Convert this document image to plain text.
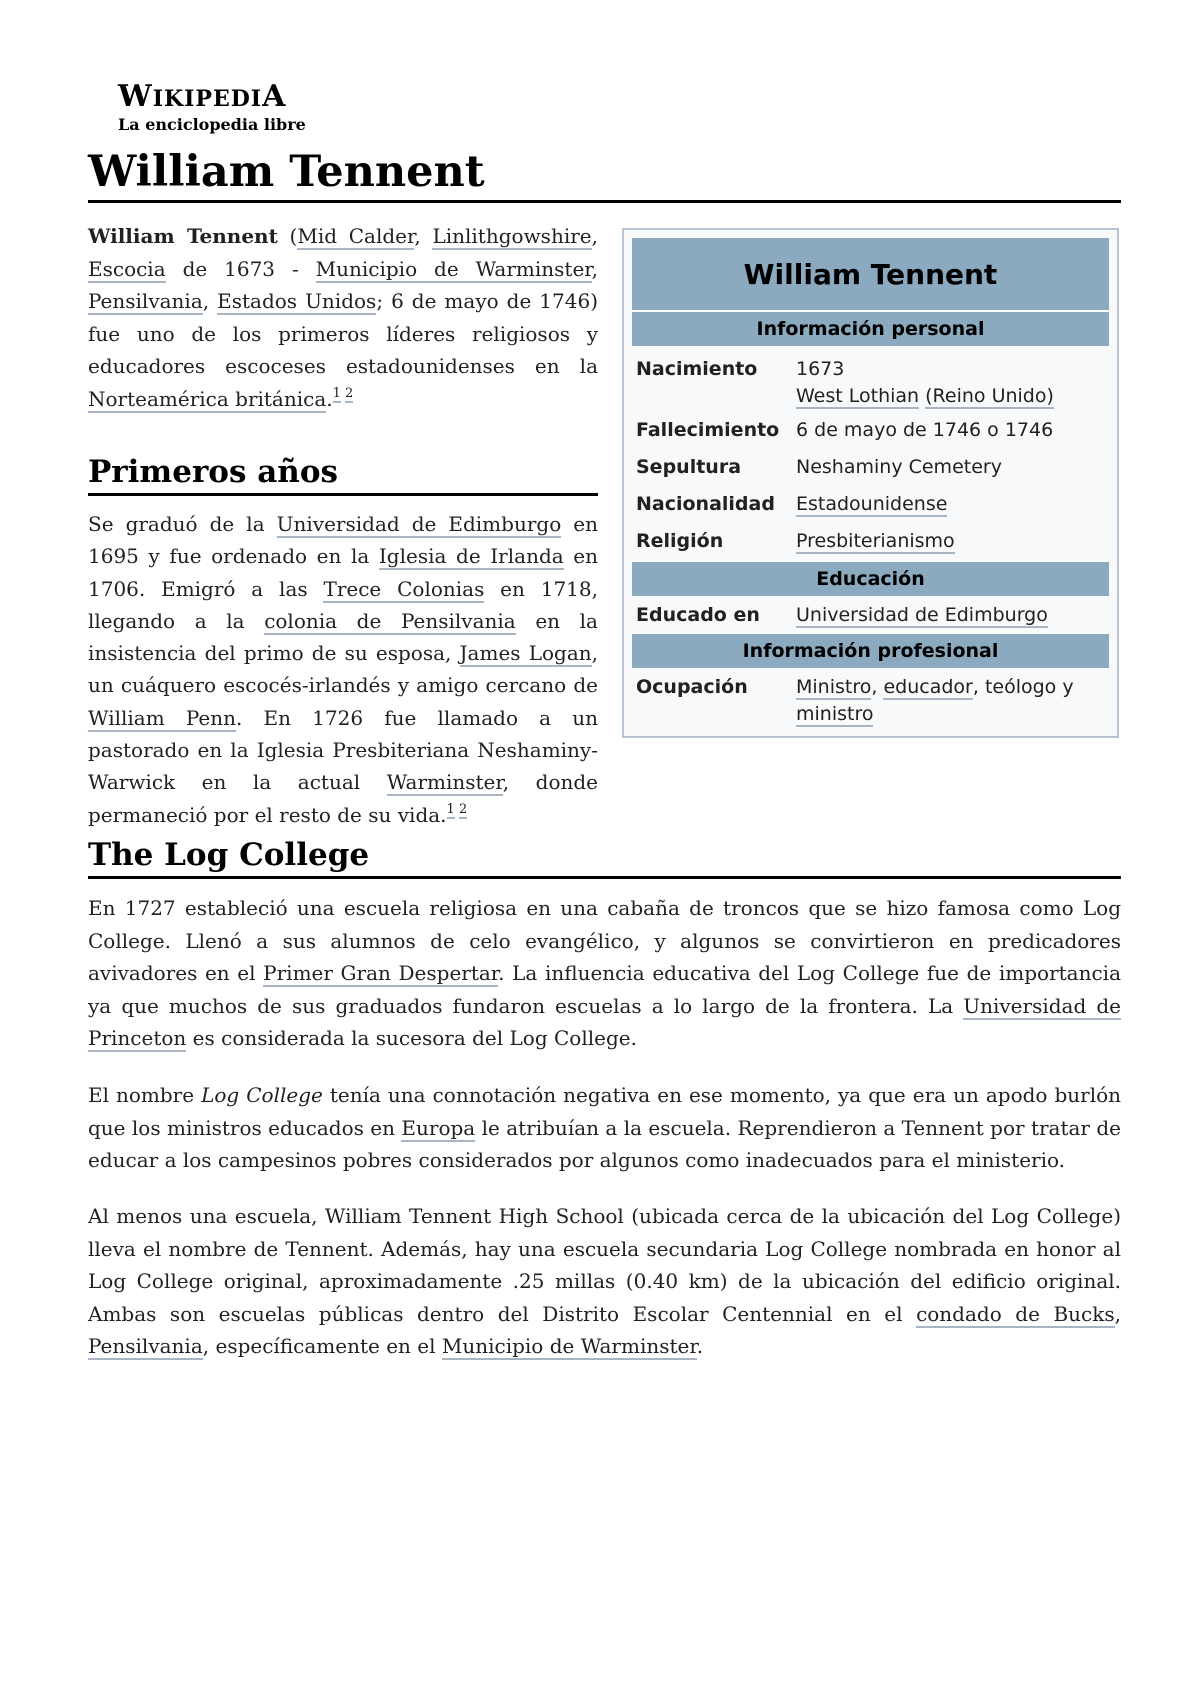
WIKIPEDIA
La enciclopedia libre
William Tennent

William Tennent (Mid Calder, Linlithgowshire, Escocia de 1673 - Municipio de Warminster, Pensilvania, Estados Unidos; 6 de mayo de 1746) fue uno de los primeros líderes religiosos y educadores escoceses estadounidenses en la Norteamérica británica.$^{1 2}$

Primeros años

Se graduó de la Universidad de Edimburgo en 1695 y fue ordenado en la Iglesia de Irlanda en 1706. Emigró a las Trece Colonias en 1718, llegando a la colonia de Pensilvania en la insistencia del primo de su esposa, James Logan, un cuáquero escocés-irlandés y amigo cercano de William Penn. En 1726 fue llamado a un pastorado en la Iglesia Presbiteriana Neshaminy-Warwick en la actual Warminster, donde permaneció por el resto de su vida.$^{1 2}$

The Log College

En 1727 estableció una escuela religiosa en una cabaña de troncos que se hizo famosa como Log College. Llenó a sus alumnos de celo evangélico, y algunos se convirtieron en predicadores avivadores en el Primer Gran Despertar. La influencia educativa del Log College fue de importancia ya que muchos de sus graduados fundaron escuelas a lo largo de la frontera. La Universidad de Princeton es considerada la sucesora del Log College.

El nombre Log College tenía una connotación negativa en ese momento, ya que era un apodo burlón que los ministros educados en Europa le atribuían a la escuela. Reprendieron a Tennent por tratar de educar a los campesinos pobres considerados por algunos como inadecuados para el ministerio.

Al menos una escuela, William Tennent High School (ubicada cerca de la ubicación del Log College) lleva el nombre de Tennent. Además, hay una escuela secundaria Log College nombrada en honor al Log College original, aproximadamente .25 millas (0.40 km) de la ubicación del edificio original. Ambas son escuelas públicas dentro del Distrito Escolar Centennial en el condado de Bucks, Pensilvania, específicamente en el Municipio de Warminster.

William Tennent
Información personal
Nacimiento	1673
West Lothian (Reino Unido)
Fallecimiento 6 de mayo de 1746 o 1746
Sepultura	Neshaminy Cemetery
Nacionalidad	Estadounidense
Religión	Presbiterianismo
Educación
Educado en	Universidad de Edimburgo
Información profesional
Ocupación	Ministro, educador, teólogo y ministro
